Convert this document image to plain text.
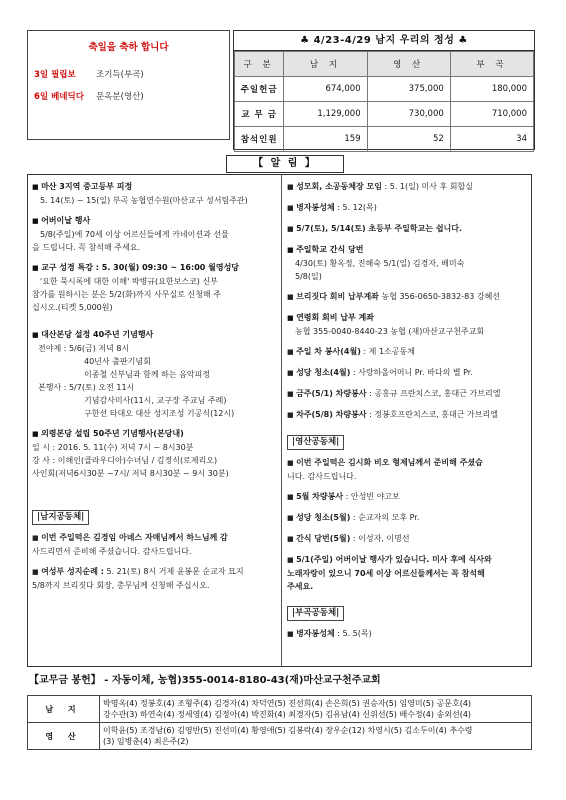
축일을 축하 합니다
3일 필립보	조기득(부곡)
6일 베네딕다	문옥분(영산)
♣ 4/23-4/29 남지 우리의 정성 ♣
구 분	남 지	영 산	부 곡
주일헌금	674,000	375,000	180,000
교 무 금	1,129,000	730,000	710,000
참석인원	159	52	34
【 알 림 】
■ 마산 3지역 중고등부 피정
5. 14(토) ~ 15(일) 부곡 농협연수원(마산교구 성서팀주관)
■ 어버이날 행사
5/8(주일)에 70세 이상 어르신들에게 카네이션과 선물
을 드립니다. 꼭 참석해 주세요.
■ 교구 성경 특강 : 5. 30(월) 09:30 ~ 16:00 월영성당
'요한 묵시록에 대한 이해' 박병규(요한보스코) 신부
참가를 원하시는 분은 5/2(화)까지 사무실로 신청해 주
십시오.(티켓 5,000원)
■ 대산본당 설정 40주년 기념행사
전야제 : 5/6(금) 저녁 8시
40년사 출판기념회
이종철 신부님과 함께 하는 음악피정
본행사 : 5/7(토) 오전 11시
기념감사미사(11시, 교구장 주교님 주례)
구한선 타대오 대산 성지조성 기공식(12시)
■ 의령본당 설립 50주년 기념행사(본당내)
일 시 : 2016. 5. 11(수) 저녁 7시 ~ 8시30분
강 사 : 이해인(클라우디아)수녀님 / 김정식(로제리오)
사인회(저녁6시30분 ~7시/ 저녁 8시30분 ~ 9시 30분)
|남지공동체|
■ 이번 주일떡은 김경임 아녜스 자매님께서 하느님께 감
사드리면서 준비해 주셨습니다. 감사드립니다.
■ 여성부 성지순례 : 5. 21(토) 8시 거제 윤봉문 순교자 묘지
5/8까지 브리짓다 회장, 총무님께 신청해 주십시오.
■ 성모회, 소공동체장 모임 : 5. 1(일) 미사 후 회합실
■ 병자봉성체 : 5. 12(목)
■ 5/7(토), 5/14(토) 초등부 주일학교는 쉽니다.
■ 주일학교 간식 당번
4/30(토) 황옥정, 진해숙 5/1(일) 김경자, 배미숙
5/8(일)
■ 브리짓다 회비 납부계좌 농협 356-0650-3832-83 강혜선
■ 연령회 회비 납부 계좌
농협 355-0040-8440-23 농협 (재)마산교구천주교회
■ 주일 차 봉사(4월) : 제 1소공동체
■ 성당 청소(4월) : 사랑하올어머니 Pr. 바다의 별 Pr.
■ 금주(5/1) 차량봉사 : 공홍규 프란치스코, 홍대근 가브리엘
■ 차주(5/8) 차량봉사 : 정봉호프란치스코, 홍대근 가브리엘
|영산공동체|
■ 이번 주일떡은 김시화 비오 형제님께서 준비해 주셨습
니다. 감사드립니다.
■ 5월 차량봉사 : 안성빈 야고보
■ 성당 청소(5월) : 순교자의 모후 Pr.
■ 간식 당번(5월) : 이성자, 이명선
■ 5/1(주일) 어버이날 행사가 있습니다. 미사 후에 식사와
노래자랑이 있으니 70세 이상 어르신들께서는 꼭 참석해
주세요.
|부곡공동체|
■ 병자봉성체 : 5. 5(목)
【교무금 봉헌】 - 자동이체, 농협)355-0014-8180-43(재)마산교구천주교회
남 지	박명옥(4) 정봉호(4) 조형주(4) 김경자(4) 차덕연(5) 진선희(4) 손은희(5) 권승자(5) 임영미(5) 공문호(4)
강수관(3) 하연숙(4) 정세영(4) 김정아(4) 박진화(4) 최경자(5) 김유남(4) 신위선(5) 배수정(4) 송외선(4)

영 산	이학윤(5) 조경남(6) 김영반(5) 진선미(4) 황영애(5) 김봉락(4) 장우순(12) 차영시(5) 김소두이(4) 추수령
(3) 임병춘(4) 최은주(2)
